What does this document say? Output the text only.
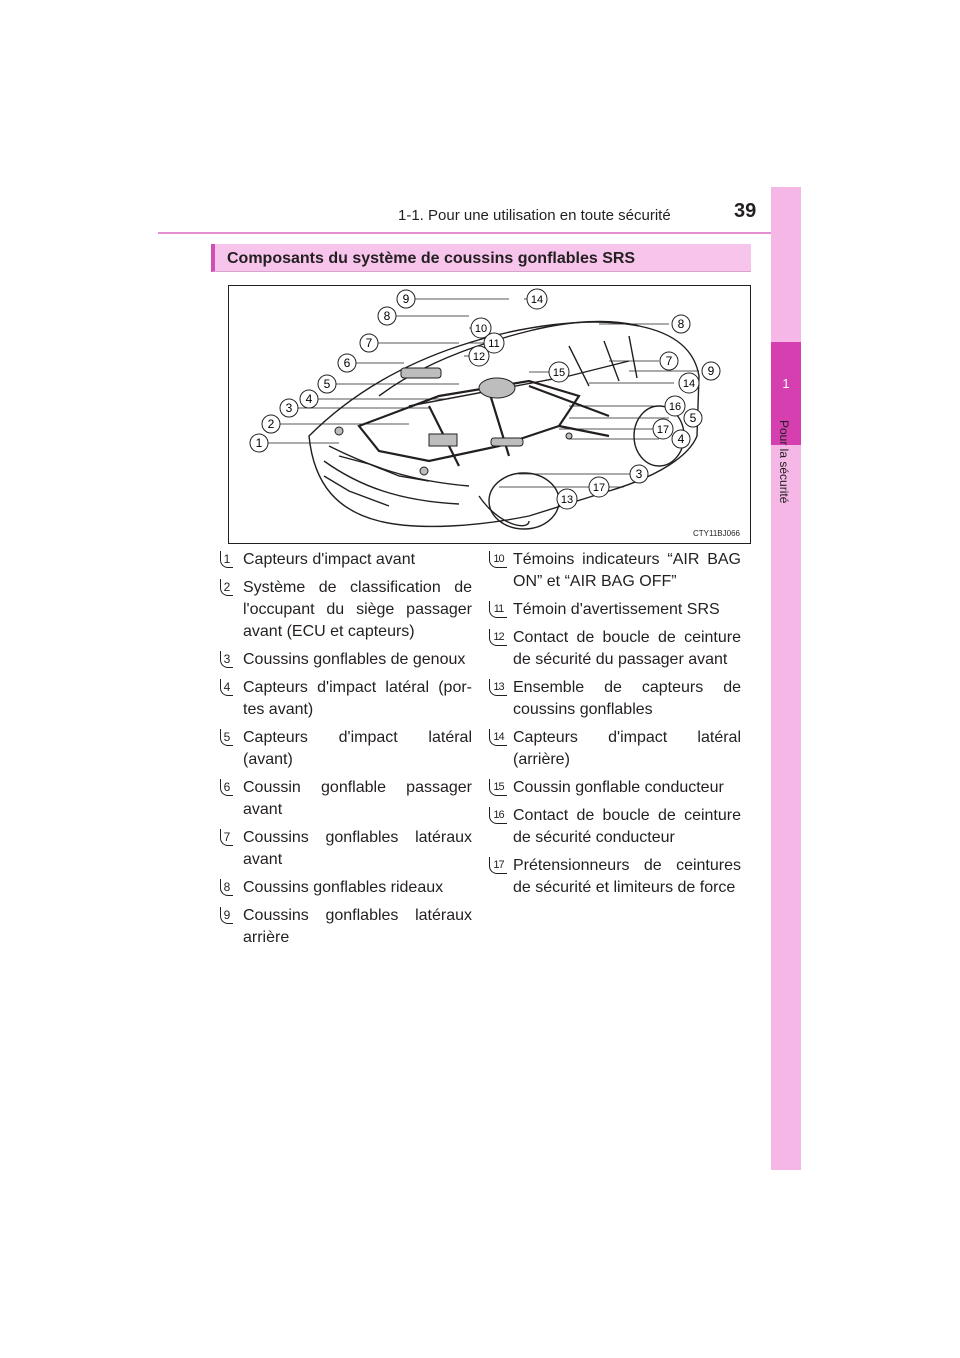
1-1. Pour une utilisation en toute sécurité	39
1
Pour la sécurité
Composants du système de coussins gonflables SRS
1
2
3
4
5
6
7
8
9
10
11
12
13
14
15
16
17
8
7
9
14
5
4
3
17
CTY11BJ066
1 Capteurs d'impact avant
2 Système de classification de l'occupant du siège passager avant (ECU et capteurs)
3 Coussins gonflables de genoux
4 Capteurs d'impact latéral (por-tes avant)
5 Capteurs d'impact latéral (avant)
6 Coussin gonflable passager avant
7 Coussins gonflables latéraux avant
8 Coussins gonflables rideaux
9 Coussins gonflables latéraux arrière
10 Témoins indicateurs “AIR BAG ON” et “AIR BAG OFF”
11 Témoin d'avertissement SRS
12 Contact de boucle de ceinture de sécurité du passager avant
13 Ensemble de capteurs de coussins gonflables
14 Capteurs d'impact latéral (arrière)
15 Coussin gonflable conducteur
16 Contact de boucle de ceinture de sécurité conducteur
17 Prétensionneurs de ceintures de sécurité et limiteurs de force
